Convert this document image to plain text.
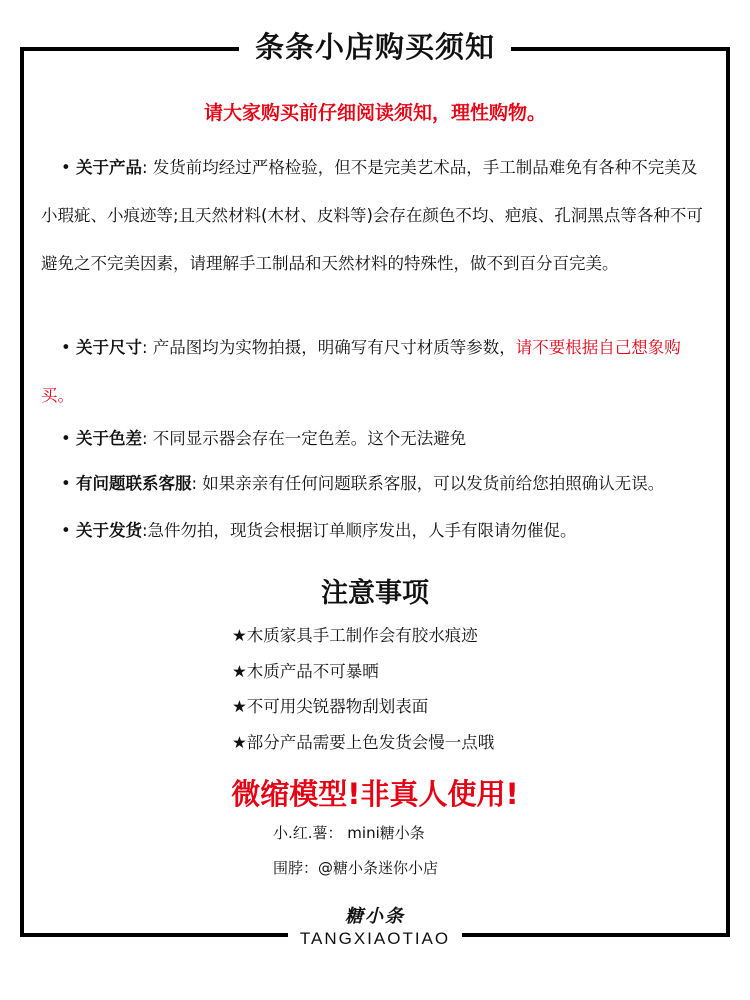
条条小店购买须知
请大家购买前仔细阅读须知，理性购物。
• 关于产品: 发货前均经过严格检验，但不是完美艺术品，手工制品难免有各种不完美及小瑕疵、小痕迹等;且天然材料(木材、皮料等)会存在颜色不均、疤痕、孔洞黑点等各种不可避免之不完美因素，请理解手工制品和天然材料的特殊性，做不到百分百完美。
• 关于尺寸: 产品图均为实物拍摄，明确写有尺寸材质等参数，请不要根据自己想象购买。
• 关于色差: 不同显示器会存在一定色差。这个无法避免
• 有问题联系客服: 如果亲亲有任何问题联系客服，可以发货前给您拍照确认无误。
• 关于发货:急件勿拍，现货会根据订单顺序发出，人手有限请勿催促。
注意事项
★木质家具手工制作会有胶水痕迹
★木质产品不可暴晒
★不可用尖锐器物刮划表面
★部分产品需要上色发货会慢一点哦
微缩模型!非真人使用!
小.红.薯： mini糖小条
围脖：@糖小条迷你小店
糖小条
TANGXIAOTIAO
